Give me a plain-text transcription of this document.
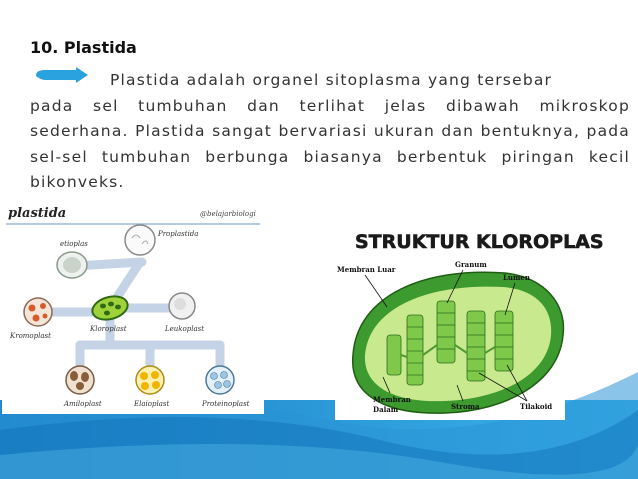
10. Plastida
Plastida adalah organel sitoplasma yang tersebar
pada sel tumbuhan dan terlihat jelas dibawah mikroskop sederhana. Plastida sangat bervariasi ukuran dan bentuknya, pada sel-sel tumbuhan berbunga biasanya berbentuk piringan kecil bikonveks.
plastida	@belajarbiologi
etioplas
Proplastida
Kromoplast
Kloroplast	Leukoplast
Amiloplast	Elaioplast	Proteinoplast
STRUKTUR KLOROPLAS
Membran Luar
Granum
Lumen
Membran
Dalam	Stroma	Tilakoid
